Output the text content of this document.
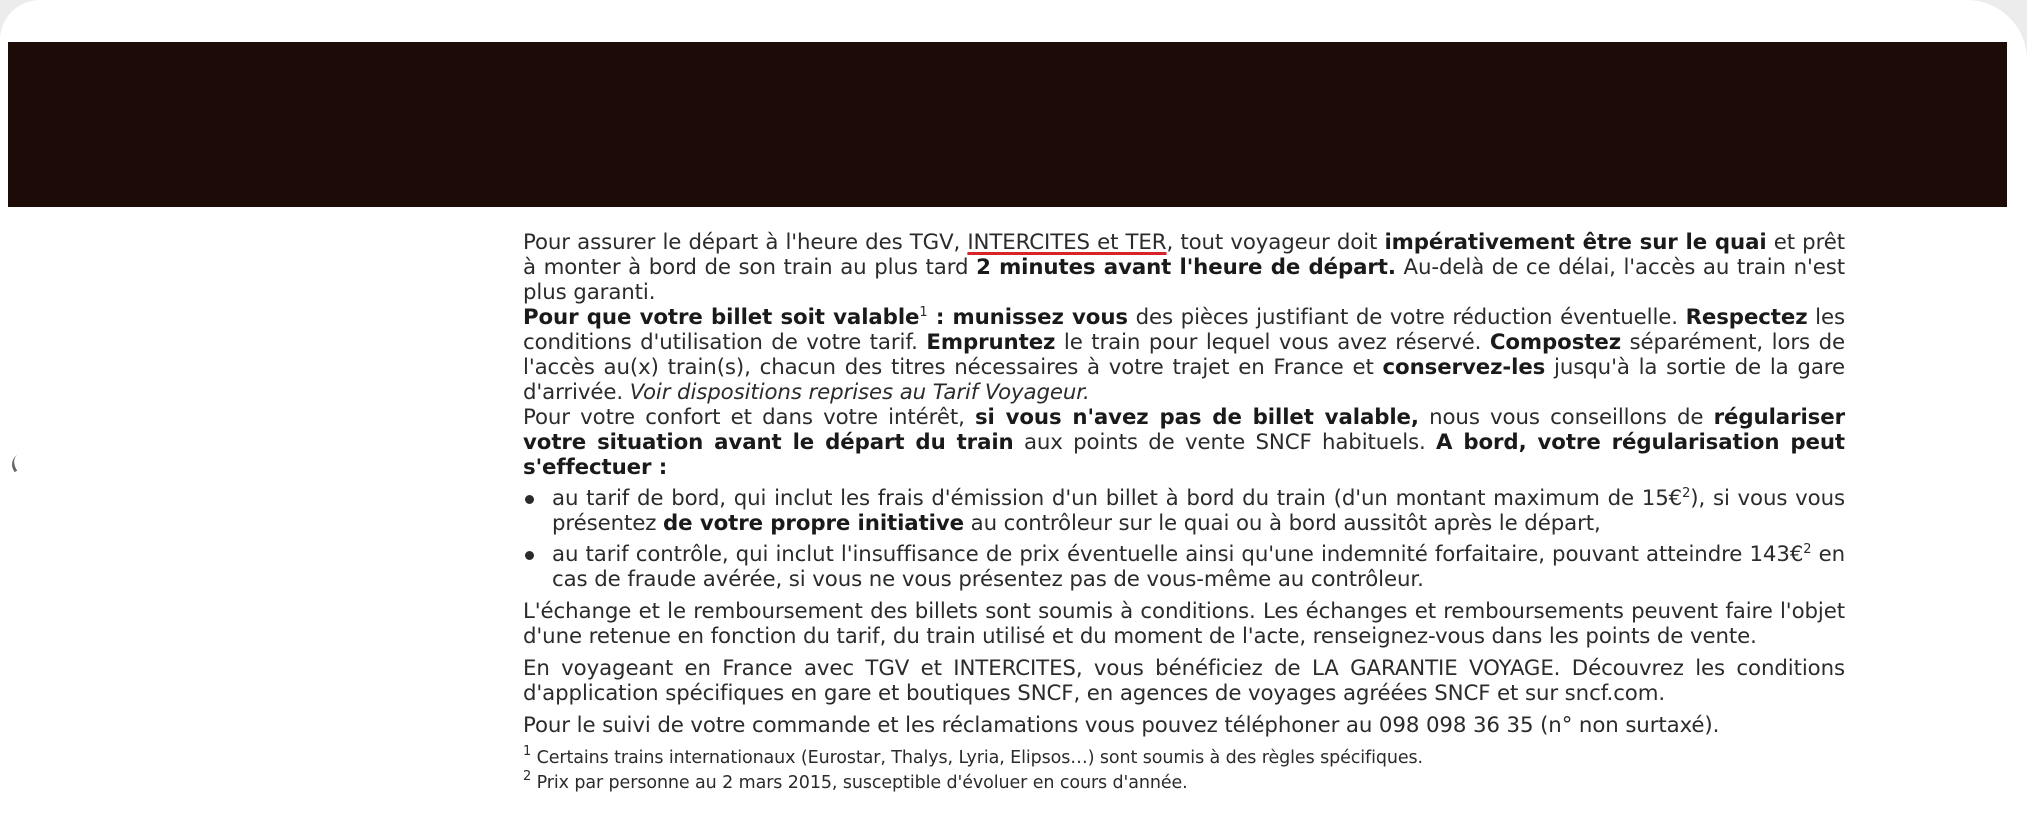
Pour assurer le départ à l'heure des TGV, INTERCITES et TER, tout voyageur doit impérativement être sur le quai et prêt à monter à bord de son train au plus tard 2 minutes avant l'heure de départ. Au-delà de ce délai, l'accès au train n'est plus garanti.

Pour que votre billet soit valable$^1$ : munissez vous des pièces justifiant de votre réduction éventuelle. Respectez les conditions d'utilisation de votre tarif. Empruntez le train pour lequel vous avez réservé. Compostez séparément, lors de l'accès au(x) train(s), chacun des titres nécessaires à votre trajet en France et conservez-les jusqu'à la sortie de la gare d'arrivée. Voir dispositions reprises au Tarif Voyageur.

Pour votre confort et dans votre intérêt, si vous n'avez pas de billet valable, nous vous conseillons de régulariser votre situation avant le départ du train aux points de vente SNCF habituels. A bord, votre régularisation peut s'effectuer :

au tarif de bord, qui inclut les frais d'émission d'un billet à bord du train (d'un montant maximum de 15€$^2$), si vous vous présentez de votre propre initiative au contrôleur sur le quai ou à bord aussitôt après le départ,
au tarif contrôle, qui inclut l'insuffisance de prix éventuelle ainsi qu'une indemnité forfaitaire, pouvant atteindre 143€$^2$ en cas de fraude avérée, si vous ne vous présentez pas de vous-même au contrôleur.

L'échange et le remboursement des billets sont soumis à conditions. Les échanges et remboursements peuvent faire l'objet d'une retenue en fonction du tarif, du train utilisé et du moment de l'acte, renseignez-vous dans les points de vente.

En voyageant en France avec TGV et INTERCITES, vous bénéficiez de LA GARANTIE VOYAGE. Découvrez les conditions d'application spécifiques en gare et boutiques SNCF, en agences de voyages agréées SNCF et sur sncf.com.

Pour le suivi de votre commande et les réclamations vous pouvez téléphoner au 098 098 36 35 (n° non surtaxé).

$^1$ Certains trains internationaux (Eurostar, Thalys, Lyria, Elipsos…) sont soumis à des règles spécifiques.

$^2$ Prix par personne au 2 mars 2015, susceptible d'évoluer en cours d'année.
